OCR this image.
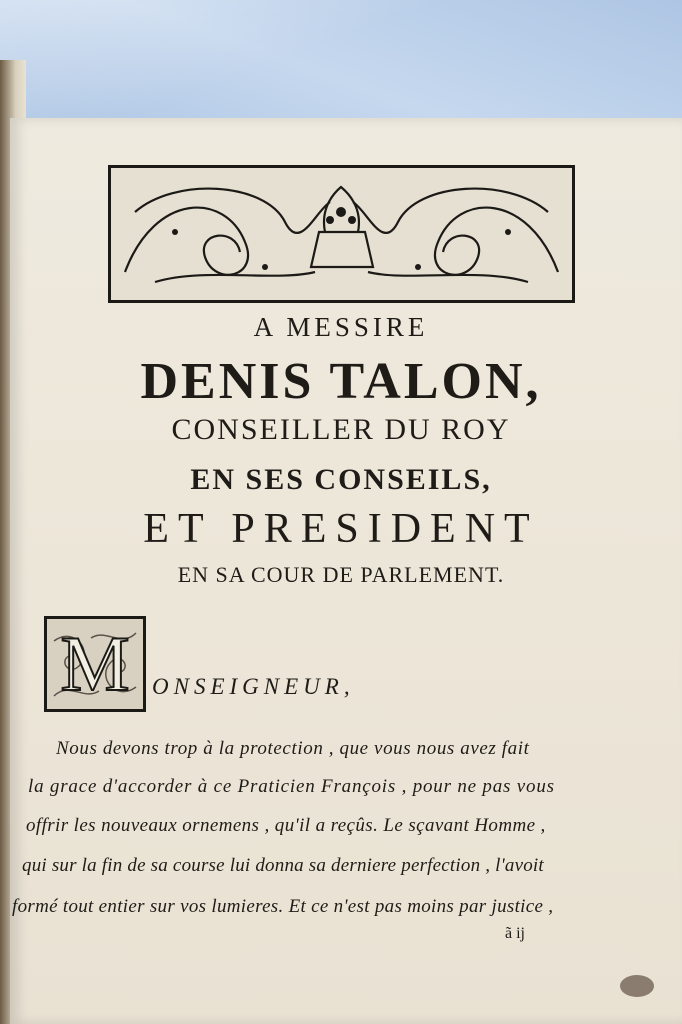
A MESSIRE
DENIS TALON,
CONSEILLER DU ROY
EN SES CONSEILS,
ET PRESIDENT
EN SA COUR DE PARLEMENT.
M ONSEIGNEUR,
Nous devons trop à la protection , que vous nous avez fait
la grace d'accorder à ce Praticien François , pour ne pas vous
offrir les nouveaux ornemens , qu'il a reçûs. Le sçavant Homme ,
qui sur la fin de sa course lui donna sa derniere perfection , l'avoit
formé tout entier sur vos lumieres. Et ce n'est pas moins par justice ,
ã ij
